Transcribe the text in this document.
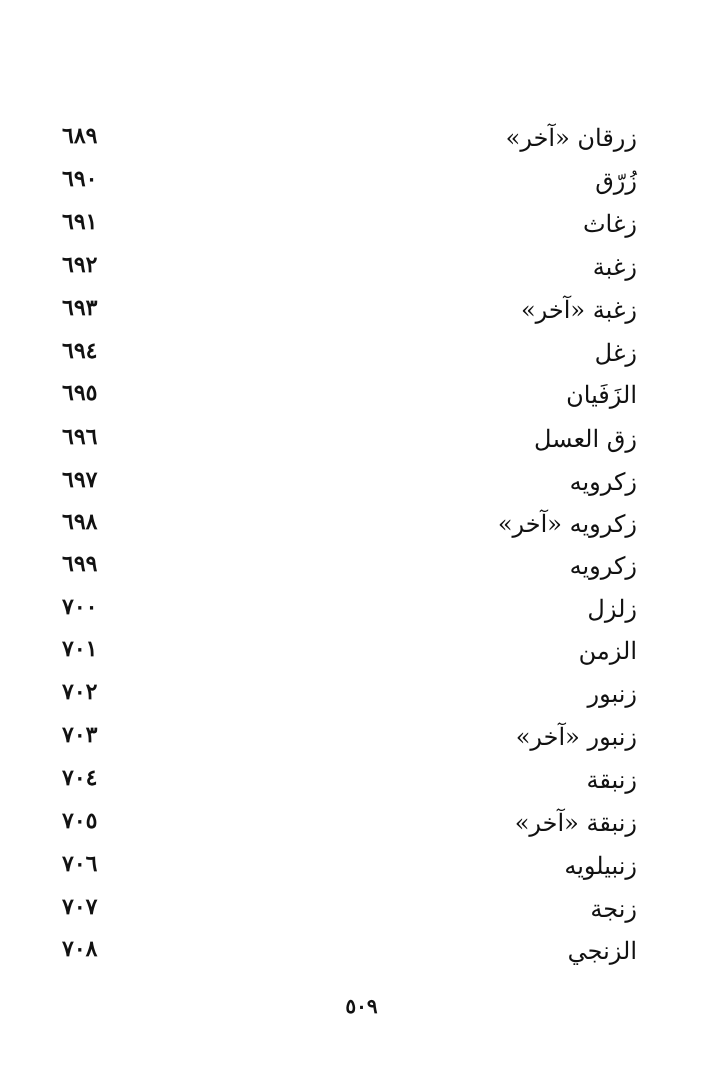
زرقان «آخر»
٦٨٩
زُرّق
٦٩٠
زغاث
٦٩١
زغبة
٦٩٢
زغبة «آخر»
٦٩٣
زغل
٦٩٤
الزَفَيان
٦٩٥
زق العسل
٦٩٦
زكرويه
٦٩٧
زكرويه «آخر»
٦٩٨
زكرويه
٦٩٩
زلزل
٧٠٠
الزمن
٧٠١
زنبور
٧٠٢
زنبور «آخر»
٧٠٣
زنبقة
٧٠٤
زنبقة «آخر»
٧٠٥
زنبيلويه
٧٠٦
زنجة
٧٠٧
الزنجي
٧٠٨
٥٠٩
